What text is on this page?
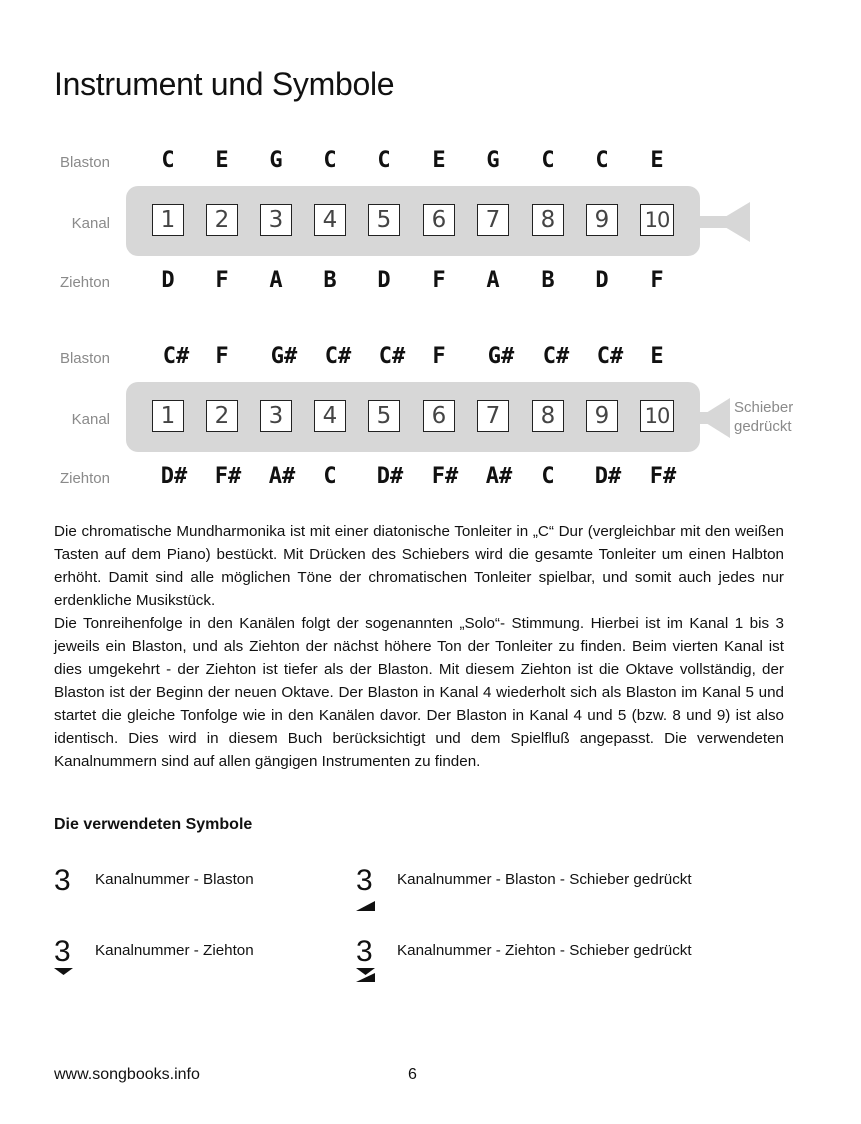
Instrument und Symbole
Blaston
Kanal
Ziehton
C E G C C E G C C E
1	2	3	4	5	6	7	8	9	10
D F A B D F A B D F
Blaston
Kanal
Ziehton
Schieber
gedrückt
C# F G# C# C# F G# C# C# E
1	2	3	4	5	6	7	8	9	10
D# F# A# C D# F# A# C D# F#

Die chromatische Mundharmonika ist mit einer diatonische Tonleiter in „C“ Dur (vergleichbar mit den weißen Tasten auf dem Piano) bestückt. Mit Drücken des Schiebers wird die gesamte Tonleiter um einen Halbton erhöht. Damit sind alle möglichen Töne der chromatischen Tonleiter spielbar, und somit auch jedes nur erdenkliche Musikstück.

Die Tonreihenfolge in den Kanälen folgt der sogenannten „Solo“- Stimmung. Hierbei ist im Kanal 1 bis 3 jeweils ein Blaston, und als Ziehton der nächst höhere Ton der Tonleiter zu finden. Beim vierten Kanal ist dies umgekehrt - der Ziehton ist tiefer als der Blaston. Mit diesem Ziehton ist die Oktave vollständig, der Blaston ist der Beginn der neuen Oktave. Der Blaston in Kanal 4 wiederholt sich als Blaston im Kanal 5 und startet die gleiche Tonfolge wie in den Kanälen davor. Der Blaston in Kanal 4 und 5 (bzw. 8 und 9) ist also identisch. Dies wird in diesem Buch berücksichtigt und dem Spielfluß angepasst. Die verwendeten Kanalnummern sind auf allen gängigen Instrumenten zu finden.

Die verwendeten Symbole
3 Kanalnummer - Blaston	3 Kanalnummer - Blaston - Schieber gedrückt
3 Kanalnummer - Ziehton	3 Kanalnummer - Ziehton - Schieber gedrückt
www.songbooks.info	6
